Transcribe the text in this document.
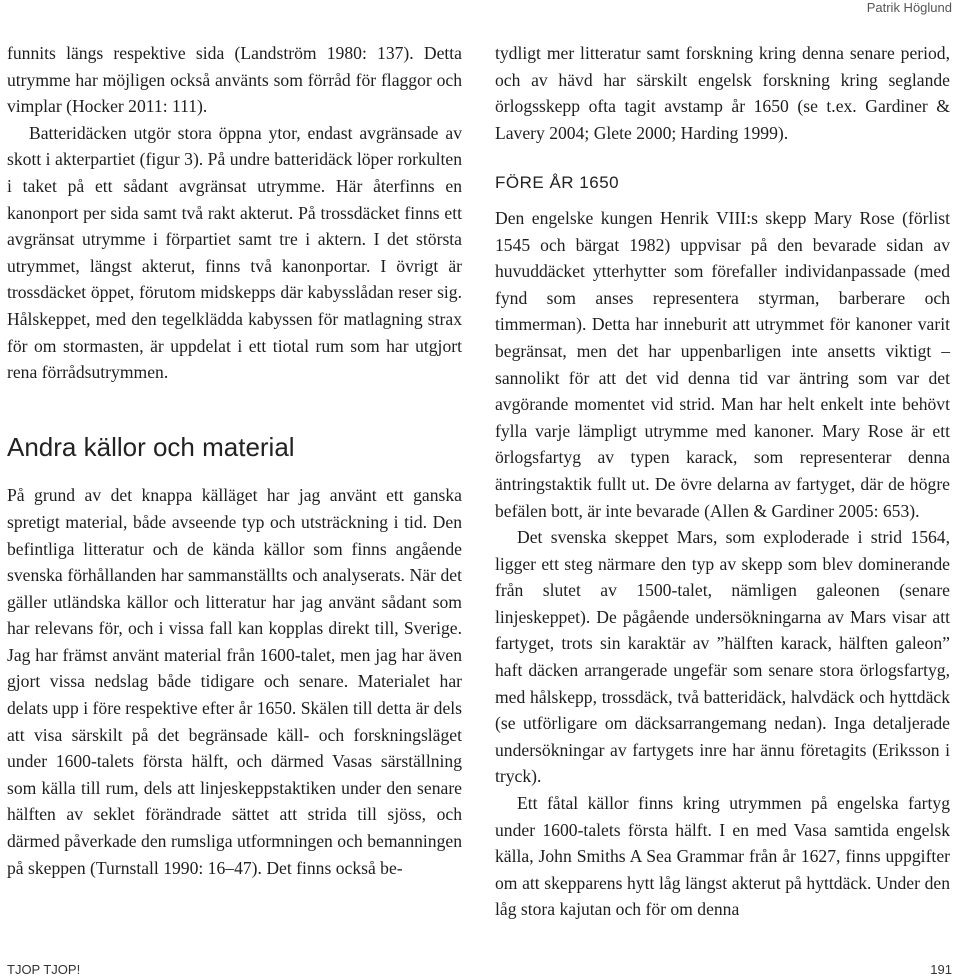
Patrik Höglund

funnits längs respektive sida (Landström 1980: 137). Detta utrymme har möjligen också använts som förråd för flaggor och vimplar (Hocker 2011: 111).

Batteridäcken utgör stora öppna ytor, endast avgränsade av skott i akterpartiet (figur 3). På undre batteridäck löper rorkulten i taket på ett sådant avgränsat utrymme. Här återfinns en kanonport per sida samt två rakt akterut. På trossdäcket finns ett avgränsat utrymme i förpartiet samt tre i aktern. I det största utrymmet, längst akterut, finns två kanonportar. I övrigt är trossdäcket öppet, förutom midskepps där kabysslådan reser sig. Hålskeppet, med den tegelklädda kabyssen för matlagning strax för om stormasten, är uppdelat i ett tiotal rum som har utgjort rena förrådsutrymmen.

Andra källor och material

På grund av det knappa källäget har jag använt ett ganska spretigt material, både avseende typ och utsträckning i tid. Den befintliga litteratur och de kända källor som finns angående svenska förhållanden har sammanställts och analyserats. När det gäller utländska källor och litteratur har jag använt sådant som har relevans för, och i vissa fall kan kopplas direkt till, Sverige. Jag har främst använt material från 1600-talet, men jag har även gjort vissa nedslag både tidigare och senare. Materialet har delats upp i före respektive efter år 1650. Skälen till detta är dels att visa särskilt på det begränsade käll- och forskningsläget under 1600-talets första hälft, och därmed Vasas särställning som källa till rum, dels att linjeskeppstaktiken under den senare hälften av seklet förändrade sättet att strida till sjöss, och därmed påverkade den rumsliga utformningen och bemanningen på skeppen (Turnstall 1990: 16–47). Det finns också be-

tydligt mer litteratur samt forskning kring denna senare period, och av hävd har särskilt engelsk forskning kring seglande örlogsskepp ofta tagit avstamp år 1650 (se t.ex. Gardiner & Lavery 2004; Glete 2000; Harding 1999).

FÖRE ÅR 1650

Den engelske kungen Henrik VIII:s skepp Mary Rose (förlist 1545 och bärgat 1982) uppvisar på den bevarade sidan av huvuddäcket ytterhytter som förefaller individanpassade (med fynd som anses representera styrman, barberare och timmerman). Detta har inneburit att utrymmet för kanoner varit begränsat, men det har uppenbarligen inte ansetts viktigt – sannolikt för att det vid denna tid var äntring som var det avgörande momentet vid strid. Man har helt enkelt inte behövt fylla varje lämpligt utrymme med kanoner. Mary Rose är ett örlogsfartyg av typen karack, som representerar denna äntringstaktik fullt ut. De övre delarna av fartyget, där de högre befälen bott, är inte bevarade (Allen & Gardiner 2005: 653).

Det svenska skeppet Mars, som exploderade i strid 1564, ligger ett steg närmare den typ av skepp som blev dominerande från slutet av 1500-talet, nämligen galeonen (senare linjeskeppet). De pågående undersökningarna av Mars visar att fartyget, trots sin karaktär av ”hälften karack, hälften galeon” haft däcken arrangerade ungefär som senare stora örlogsfartyg, med hålskepp, trossdäck, två batteridäck, halvdäck och hyttdäck (se utförligare om däcksarrangemang nedan). Inga detaljerade undersökningar av fartygets inre har ännu företagits (Eriksson i tryck).

Ett fåtal källor finns kring utrymmen på engelska fartyg under 1600-talets första hälft. I en med Vasa samtida engelsk källa, John Smiths A Sea Grammar från år 1627, finns uppgifter om att skepparens hytt låg längst akterut på hyttdäck. Under den låg stora kajutan och för om denna

TJOP TJOP!	191
